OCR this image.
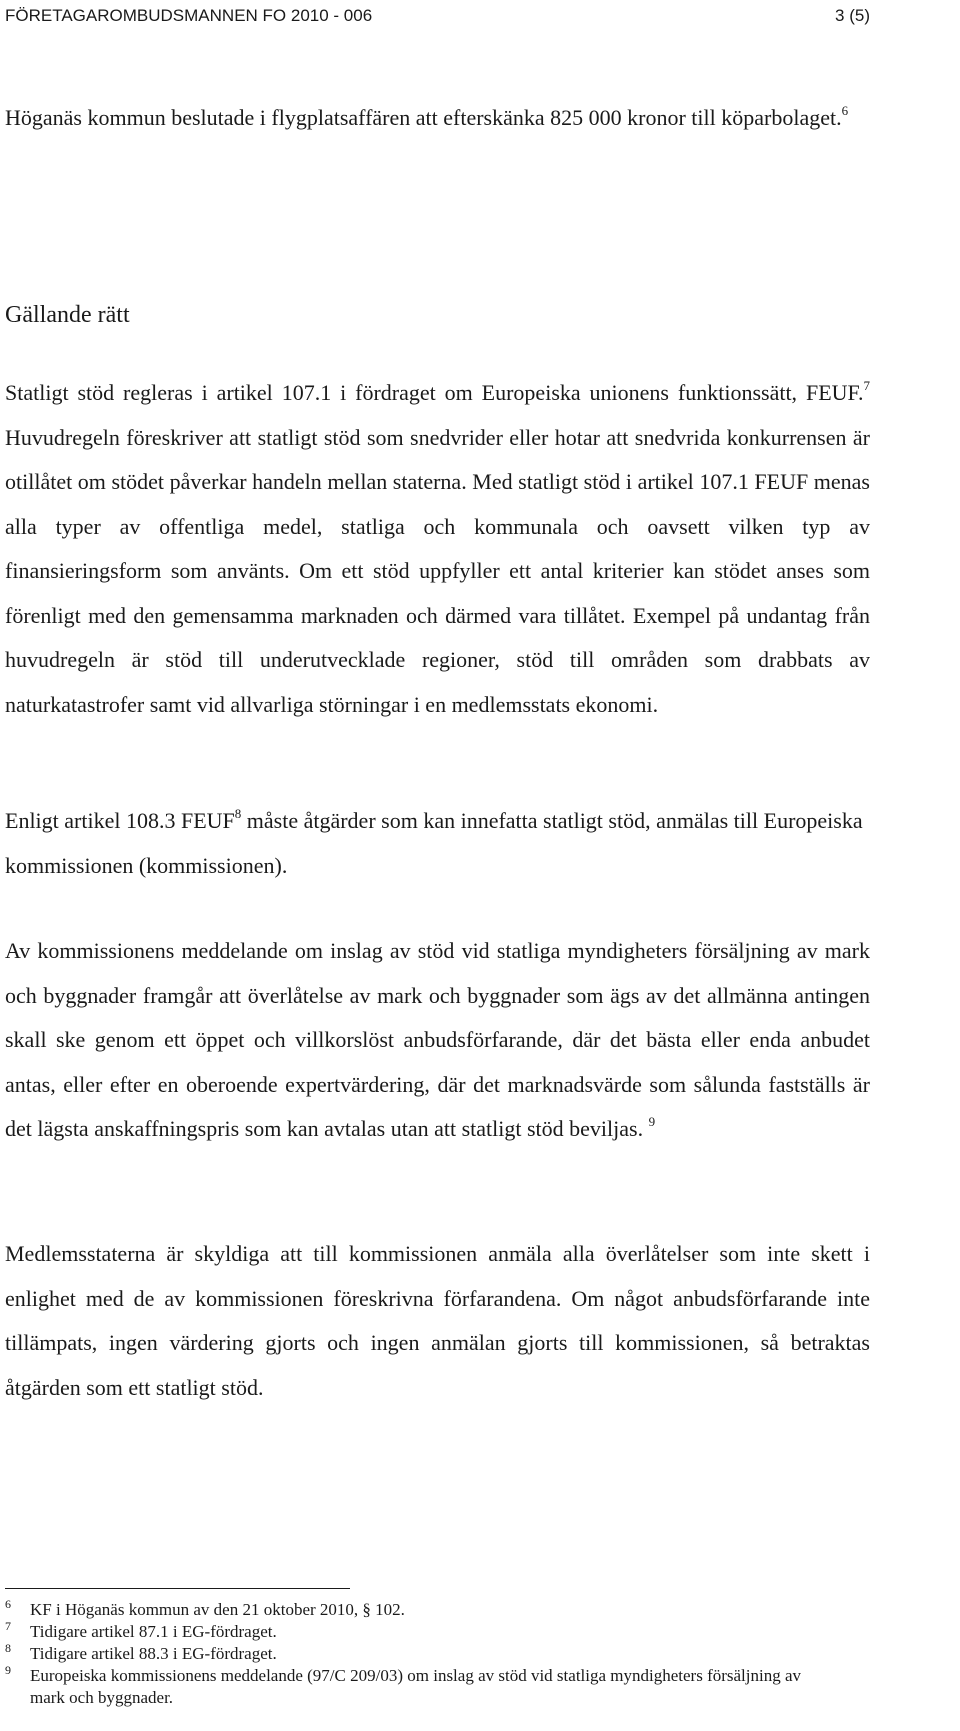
FÖRETAGAROMBUDSMANNEN FO 2010 - 006	3 (5)
Höganäs kommun beslutade i flygplatsaffären att efterskänka 825 000 kronor till köparbolaget.$^6$
Gällande rätt
Statligt stöd regleras i artikel 107.1 i fördraget om Europeiska unionens funktionssätt, FEUF.$^7$ Huvudregeln föreskriver att statligt stöd som snedvrider eller hotar att snedvrida konkurrensen är otillåtet om stödet påverkar handeln mellan staterna. Med statligt stöd i artikel 107.1 FEUF menas alla typer av offentliga medel, statliga och kommunala och oavsett vilken typ av finansieringsform som använts. Om ett stöd uppfyller ett antal kriterier kan stödet anses som förenligt med den gemensamma marknaden och därmed vara tillåtet. Exempel på undantag från huvudregeln är stöd till underutvecklade regioner, stöd till områden som drabbats av naturkatastrofer samt vid allvarliga störningar i en medlemsstats ekonomi.
Enligt artikel 108.3 FEUF$^8$ måste åtgärder som kan innefatta statligt stöd, anmälas till Europeiska kommissionen (kommissionen).
Av kommissionens meddelande om inslag av stöd vid statliga myndigheters försäljning av mark och byggnader framgår att överlåtelse av mark och byggnader som ägs av det allmänna antingen skall ske genom ett öppet och villkorslöst anbudsförfarande, där det bästa eller enda anbudet antas, eller efter en oberoende expertvärdering, där det marknadsvärde som sålunda fastställs är det lägsta anskaffningspris som kan avtalas utan att statligt stöd beviljas. $^9$
Medlemsstaterna är skyldiga att till kommissionen anmäla alla överlåtelser som inte skett i enlighet med de av kommissionen föreskrivna förfarandena. Om något anbudsförfarande inte tillämpats, ingen värdering gjorts och ingen anmälan gjorts till kommissionen, så betraktas åtgärden som ett statligt stöd.
6 KF i Höganäs kommun av den 21 oktober 2010, § 102.
7 Tidigare artikel 87.1 i EG-fördraget.
8 Tidigare artikel 88.3 i EG-fördraget.
9 Europeiska kommissionens meddelande (97/C 209/03) om inslag av stöd vid statliga myndigheters försäljning av mark och byggnader.
